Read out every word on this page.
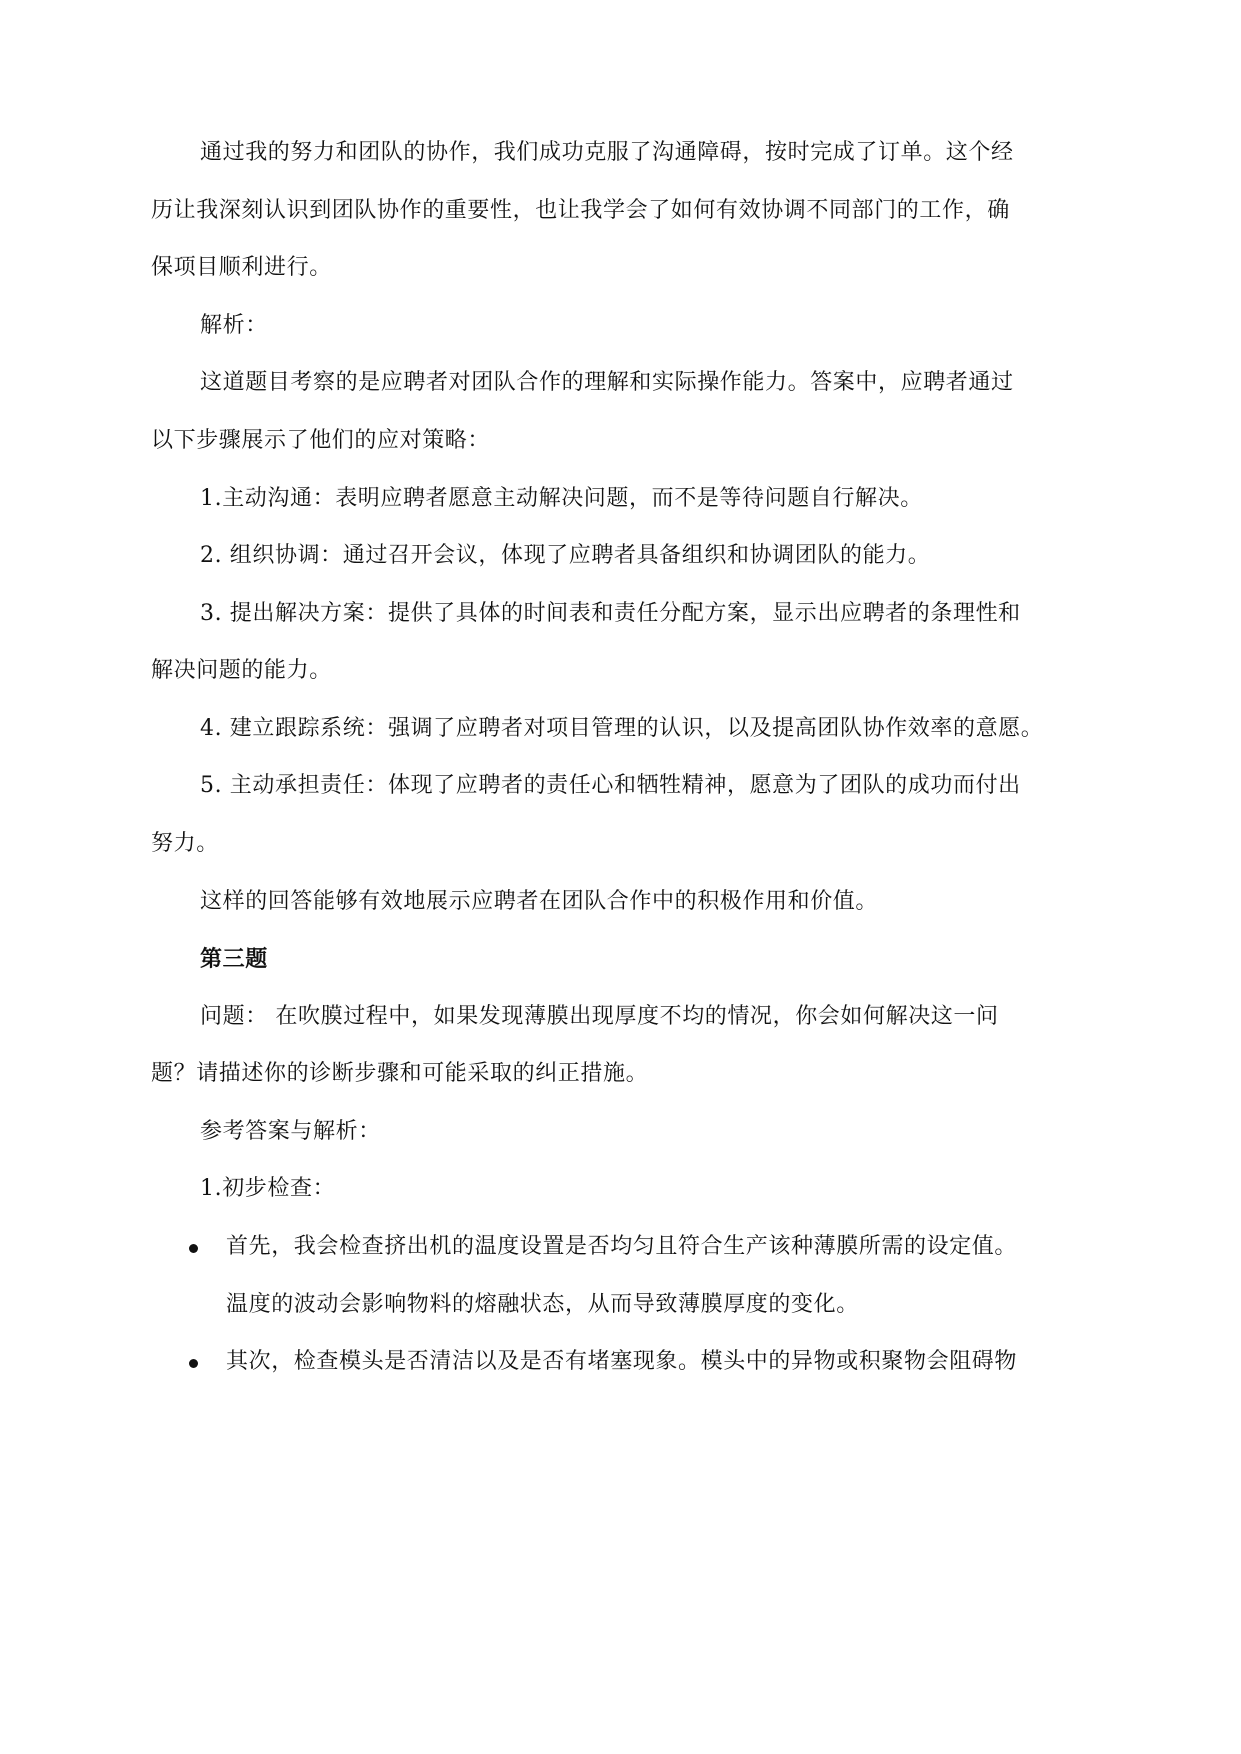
通过我的努力和团队的协作，我们成功克服了沟通障碍，按时完成了订单。这个经
历让我深刻认识到团队协作的重要性，也让我学会了如何有效协调不同部门的工作，确
保项目顺利进行。
解析：
这道题目考察的是应聘者对团队合作的理解和实际操作能力。答案中，应聘者通过
以下步骤展示了他们的应对策略：
1.主动沟通：表明应聘者愿意主动解决问题，而不是等待问题自行解决。
2. 组织协调：通过召开会议，体现了应聘者具备组织和协调团队的能力。
3. 提出解决方案：提供了具体的时间表和责任分配方案，显示出应聘者的条理性和
解决问题的能力。
4. 建立跟踪系统：强调了应聘者对项目管理的认识，以及提高团队协作效率的意愿。
5. 主动承担责任：体现了应聘者的责任心和牺牲精神，愿意为了团队的成功而付出
努力。
这样的回答能够有效地展示应聘者在团队合作中的积极作用和价值。
第三题
问题： 在吹膜过程中，如果发现薄膜出现厚度不均的情况，你会如何解决这一问
题？请描述你的诊断步骤和可能采取的纠正措施。
参考答案与解析：
1.初步检查：
首先，我会检查挤出机的温度设置是否均匀且符合生产该种薄膜所需的设定值。
温度的波动会影响物料的熔融状态，从而导致薄膜厚度的变化。
其次，检查模头是否清洁以及是否有堵塞现象。模头中的异物或积聚物会阻碍物
